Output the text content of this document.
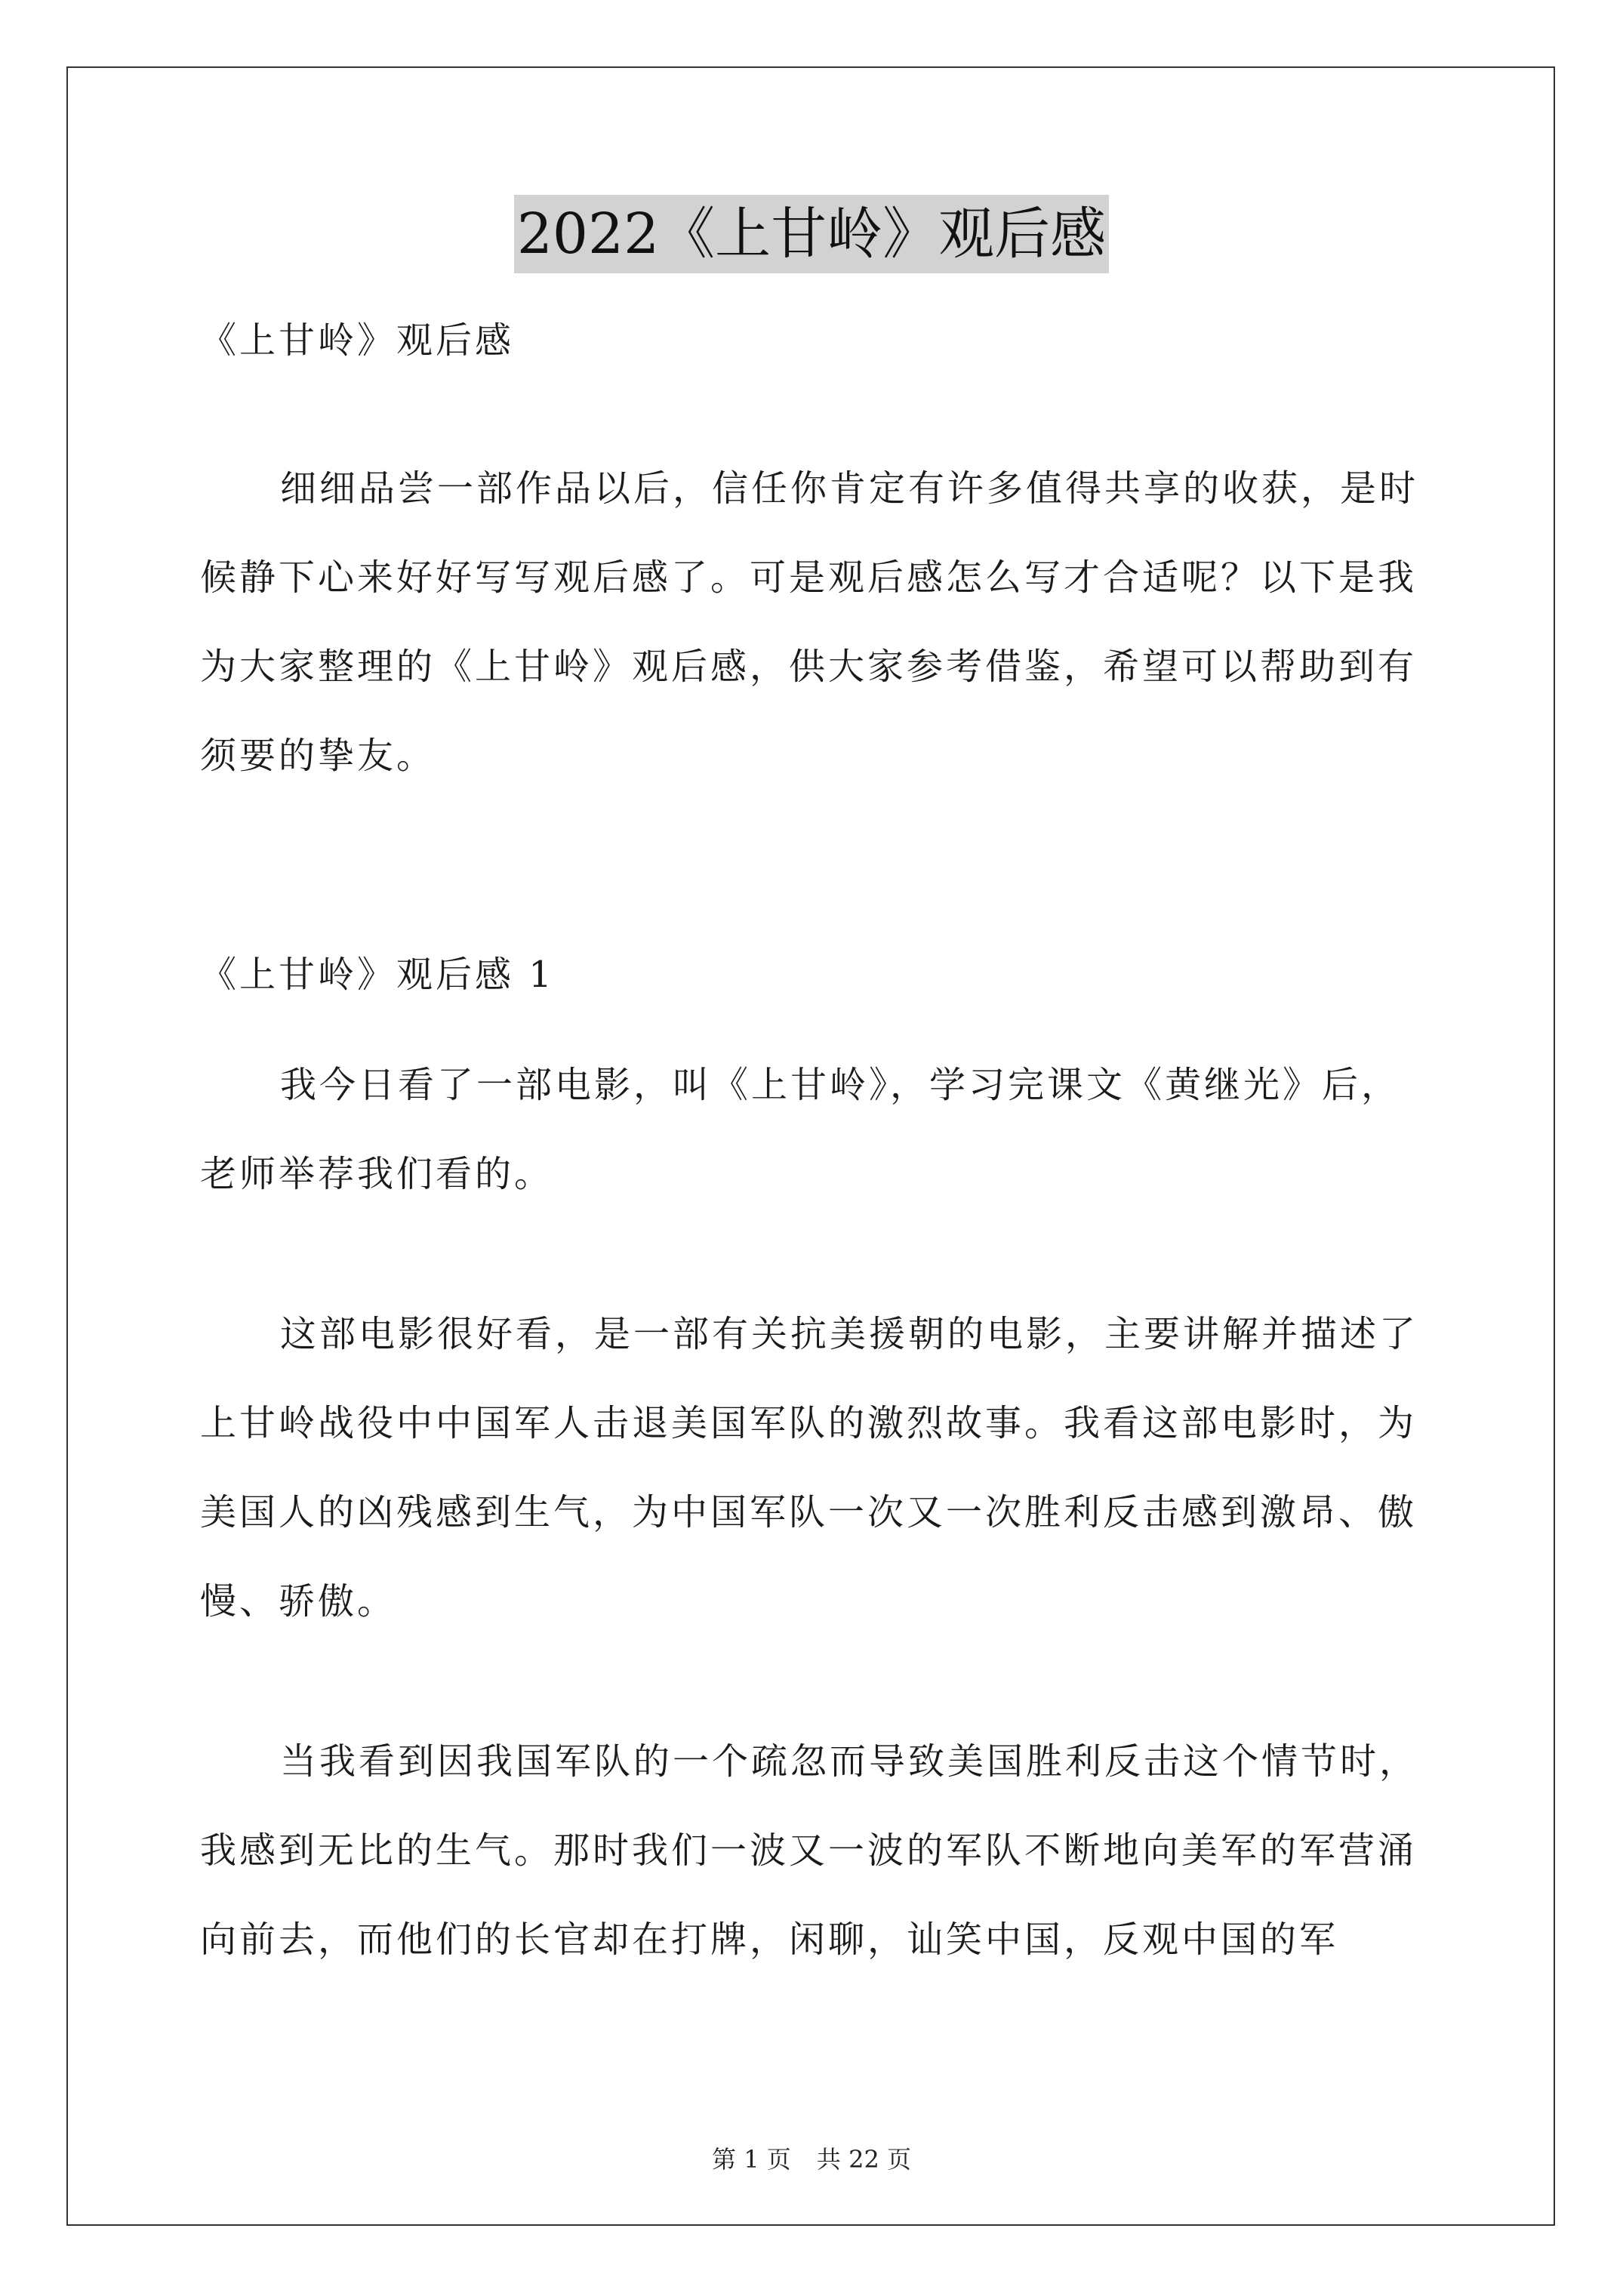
2022《上甘岭》观后感

《上甘岭》观后感

细细品尝一部作品以后，信任你肯定有许多值得共享的收获，是时候静下心来好好写写观后感了。可是观后感怎么写才合适呢？以下是我为大家整理的《上甘岭》观后感，供大家参考借鉴，希望可以帮助到有须要的挚友。

《上甘岭》观后感 1

我今日看了一部电影，叫《上甘岭》，学习完课文《黄继光》后，老师举荐我们看的。

这部电影很好看，是一部有关抗美援朝的电影，主要讲解并描述了上甘岭战役中中国军人击退美国军队的激烈故事。我看这部电影时，为美国人的凶残感到生气，为中国军队一次又一次胜利反击感到激昂、傲慢、骄傲。

当我看到因我国军队的一个疏忽而导致美国胜利反击这个情节时，我感到无比的生气。那时我们一波又一波的军队不断地向美军的军营涌向前去，而他们的长官却在打牌，闲聊，讪笑中国，反观中国的军

第 1 页 共 22 页
